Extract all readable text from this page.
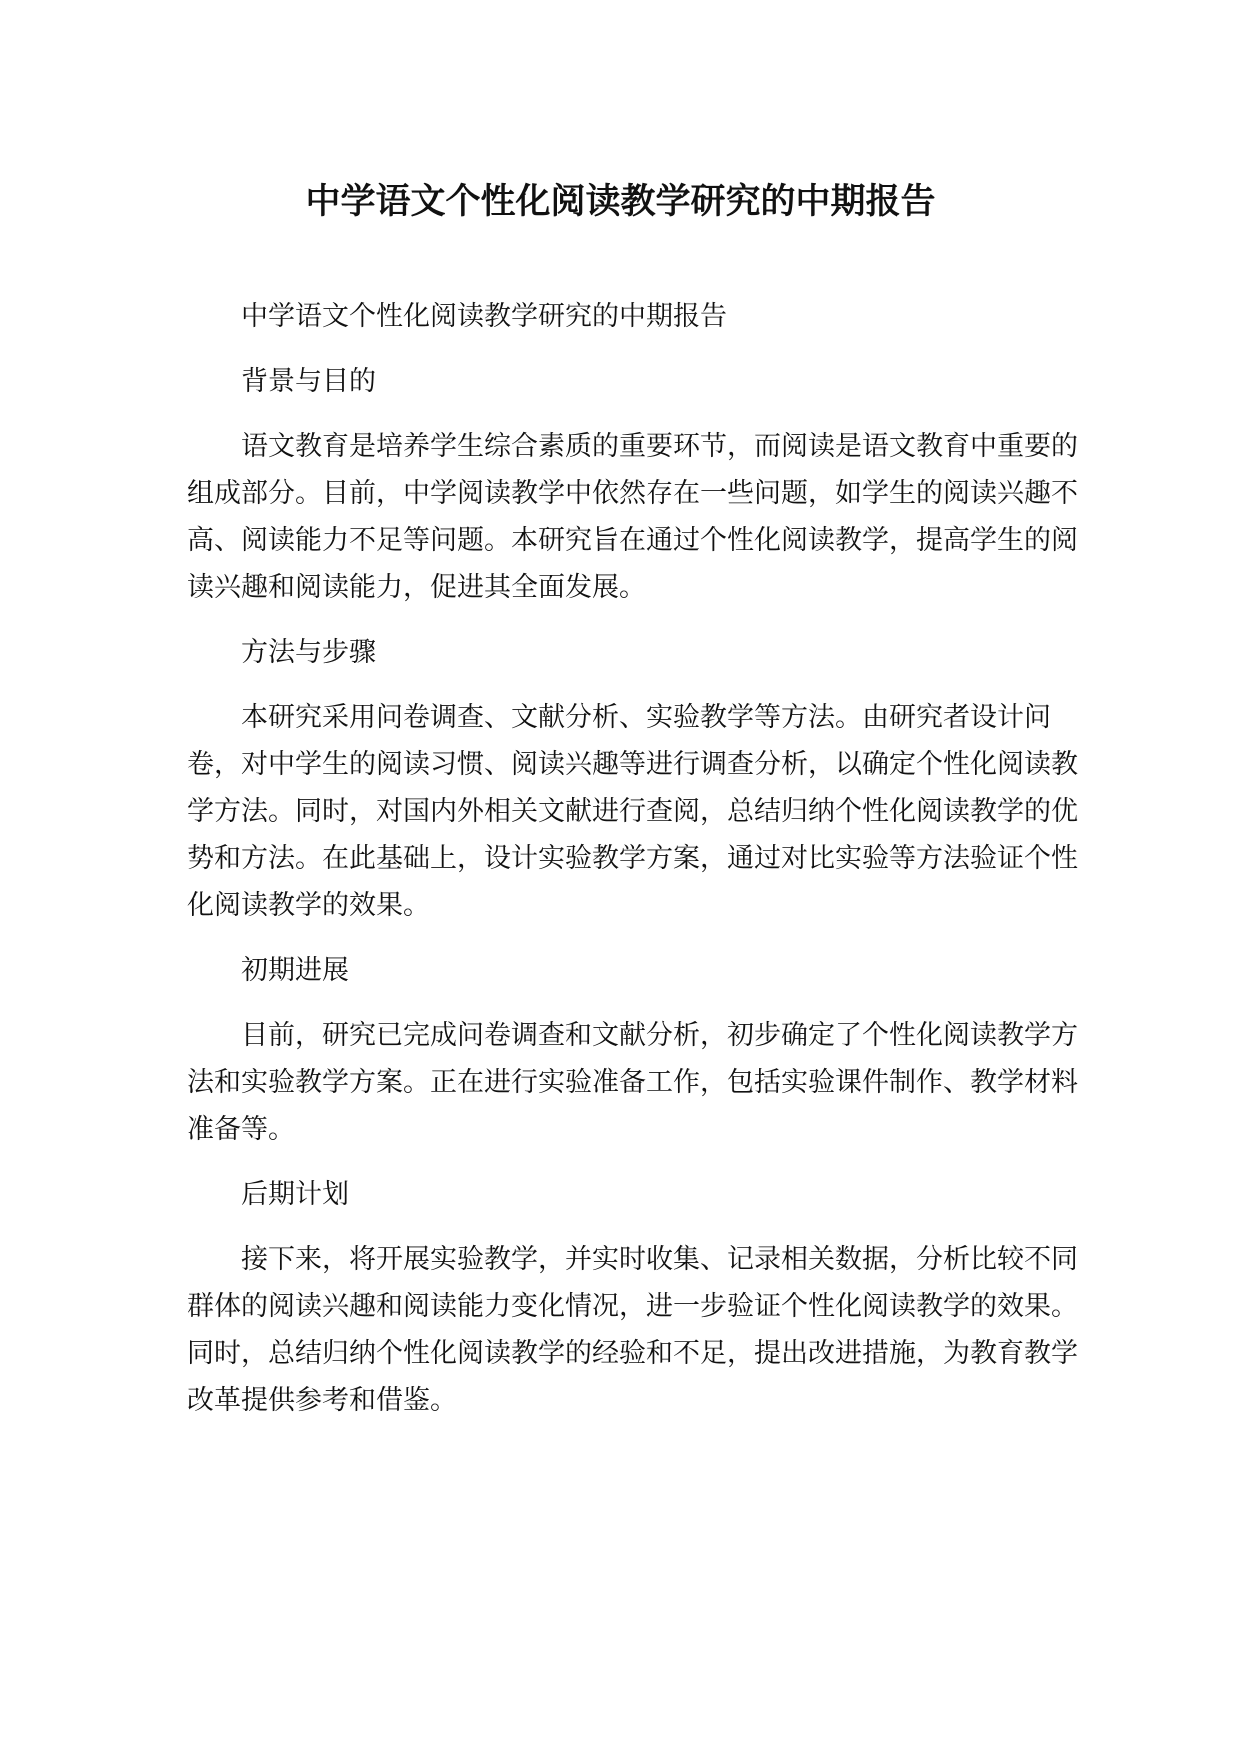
中学语文个性化阅读教学研究的中期报告

中学语文个性化阅读教学研究的中期报告

背景与目的

语文教育是培养学生综合素质的重要环节，而阅读是语文教育中重要的组成部分。目前，中学阅读教学中依然存在一些问题，如学生的阅读兴趣不高、阅读能力不足等问题。本研究旨在通过个性化阅读教学，提高学生的阅读兴趣和阅读能力，促进其全面发展。

方法与步骤

本研究采用问卷调查、文献分析、实验教学等方法。由研究者设计问卷，对中学生的阅读习惯、阅读兴趣等进行调查分析，以确定个性化阅读教学方法。同时，对国内外相关文献进行查阅，总结归纳个性化阅读教学的优势和方法。在此基础上，设计实验教学方案，通过对比实验等方法验证个性化阅读教学的效果。

初期进展

目前，研究已完成问卷调查和文献分析，初步确定了个性化阅读教学方法和实验教学方案。正在进行实验准备工作，包括实验课件制作、教学材料准备等。

后期计划

接下来，将开展实验教学，并实时收集、记录相关数据，分析比较不同群体的阅读兴趣和阅读能力变化情况，进一步验证个性化阅读教学的效果。同时，总结归纳个性化阅读教学的经验和不足，提出改进措施，为教育教学改革提供参考和借鉴。
